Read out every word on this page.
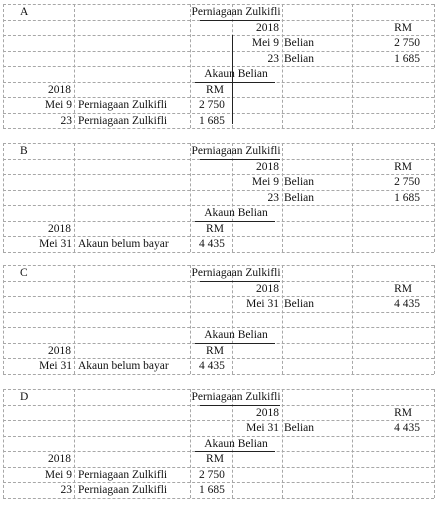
A	Perniagaan Zulkifli
2018	RM
Mei 9 Belian	2 750
23 Belian	1 685
Akaun Belian
2018	RM
Mei 9 Perniagaan Zulkifli	2 750
23 Perniagaan Zulkifli	1 685
B	Perniagaan Zulkifli
2018	RM
Mei 9 Belian	2 750
23 Belian	1 685
Akaun Belian
2018	RM
Mei 31 Akaun belum bayar	4 435
C	Perniagaan Zulkifli
2018	RM
Mei 31 Belian	4 435
Akaun Belian
2018	RM
Mei 31 Akaun belum bayar	4 435
D	Perniagaan Zulkifli
2018	RM
Mei 31 Belian	4 435
Akaun Belian
2018	RM
Mei 9 Perniagaan Zulkifli	2 750
23 Perniagaan Zulkifli	1 685
